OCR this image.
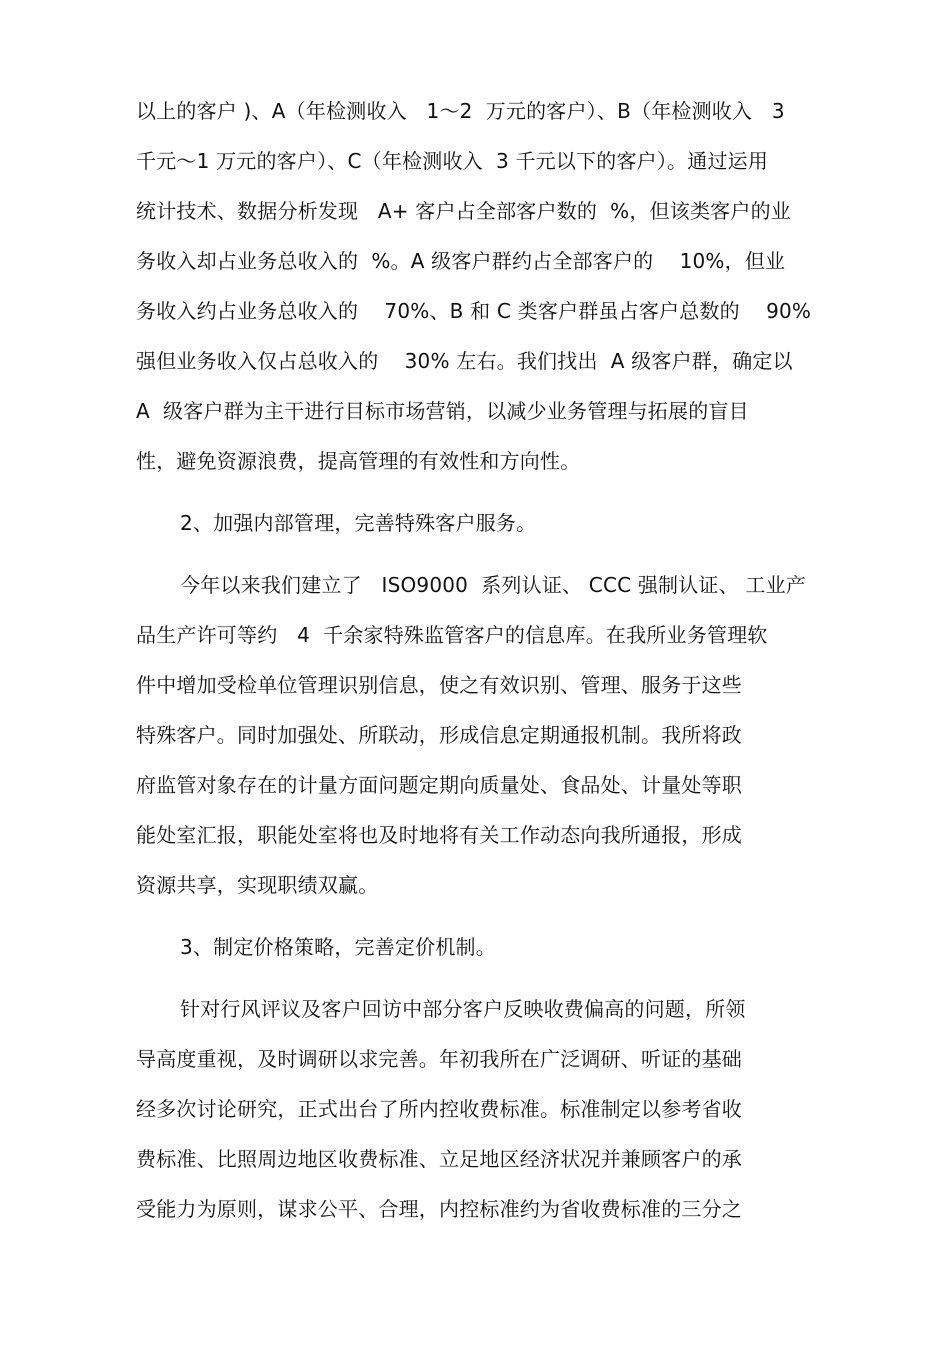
以上的客户 )、A（年检测收入   1～2  万元的客户）、B（年检测收入   3
千元～1 万元的客户）、C（年检测收入  3 千元以下的客户）。通过运用
统计技术、数据分析发现   A+ 客户占全部客户数的  %，但该类客户的业
务收入却占业务总收入的  %。A 级客户群约占全部客户的    10%，但业
务收入约占业务总收入的    70%、B 和 C 类客户群虽占客户总数的    90%
强但业务收入仅占总收入的    30% 左右。我们找出  A 级客户群，确定以
A  级客户群为主干进行目标市场营销，以减少业务管理与拓展的盲目
性，避免资源浪费，提高管理的有效性和方向性。
2、加强内部管理，完善特殊客户服务。
今年以来我们建立了   ISO9000  系列认证、 CCC 强制认证、 工业产
品生产许可等约   4  千余家特殊监管客户的信息库。在我所业务管理软
件中增加受检单位管理识别信息，使之有效识别、管理、服务于这些
特殊客户。同时加强处、所联动，形成信息定期通报机制。我所将政
府监管对象存在的计量方面问题定期向质量处、食品处、计量处等职
能处室汇报，职能处室将也及时地将有关工作动态向我所通报，形成
资源共享，实现职绩双赢。
3、制定价格策略，完善定价机制。
针对行风评议及客户回访中部分客户反映收费偏高的问题，所领
导高度重视，及时调研以求完善。年初我所在广泛调研、听证的基础
经多次讨论研究，正式出台了所内控收费标准。标准制定以参考省收
费标准、比照周边地区收费标准、立足地区经济状况并兼顾客户的承
受能力为原则，谋求公平、合理，内控标准约为省收费标准的三分之
